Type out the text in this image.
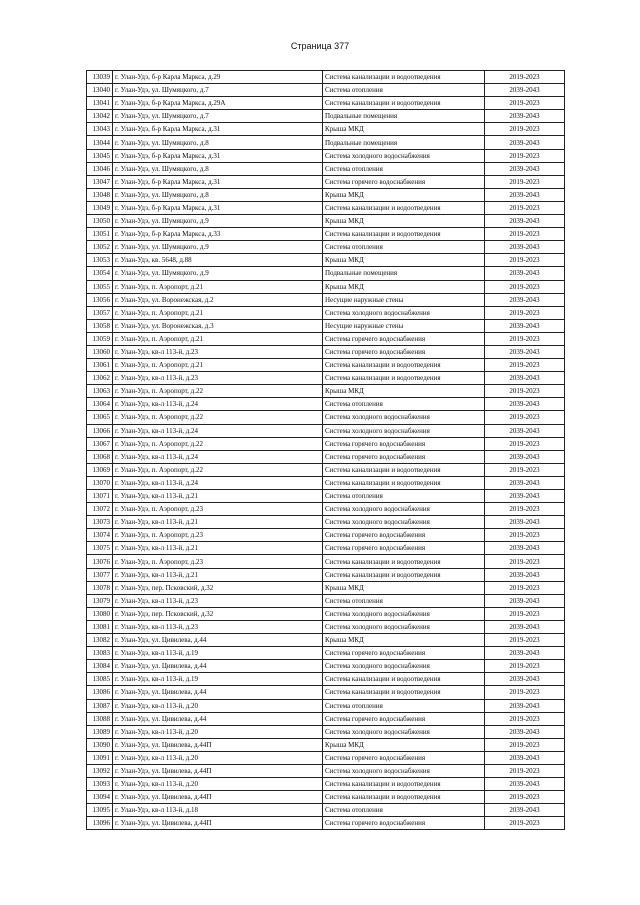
Страница 377
13039	г. Улан-Удэ, б-р Карла Маркса, д.29	Система канализации и водоотведения	2019-2023
13040	г. Улан-Удэ, ул. Шумяцкого, д.7	Система отопления	2039-2043
13041	г. Улан-Удэ, б-р Карла Маркса, д.29А	Система канализации и водоотведения	2019-2023
13042	г. Улан-Удэ, ул. Шумяцкого, д.7	Подвальные помещения	2039-2043
13043	г. Улан-Удэ, б-р Карла Маркса, д.31	Крыша МКД	2019-2023
13044	г. Улан-Удэ, ул. Шумяцкого, д.8	Подвальные помещения	2039-2043
13045	г. Улан-Удэ, б-р Карла Маркса, д.31	Система холодного водоснабжения	2019-2023
13046	г. Улан-Удэ, ул. Шумяцкого, д.8	Система отопления	2039-2043
13047	г. Улан-Удэ, б-р Карла Маркса, д.31	Система горячего водоснабжения	2019-2023
13048	г. Улан-Удэ, ул. Шумяцкого, д.8	Крыша МКД	2039-2043
13049	г. Улан-Удэ, б-р Карла Маркса, д.31	Система канализации и водоотведения	2019-2023
13050	г. Улан-Удэ, ул. Шумяцкого, д.9	Крыша МКД	2039-2043
13051	г. Улан-Удэ, б-р Карла Маркса, д.33	Система канализации и водоотведения	2019-2023
13052	г. Улан-Удэ, ул. Шумяцкого, д.9	Система отопления	2039-2043
13053	г. Улан-Удэ, кв. 5648, д.88	Крыша МКД	2019-2023
13054	г. Улан-Удэ, ул. Шумяцкого, д.9	Подвальные помещения	2039-2043
13055	г. Улан-Удэ, п. Аэропорт, д.21	Крыша МКД	2019-2023
13056	г. Улан-Удэ, ул. Воронежская, д.2	Несущие наружные стены	2039-2043
13057	г. Улан-Удэ, п. Аэропорт, д.21	Система холодного водоснабжения	2019-2023
13058	г. Улан-Удэ, ул. Воронежская, д.3	Несущие наружные стены	2039-2043
13059	г. Улан-Удэ, п. Аэропорт, д.21	Система горячего водоснабжения	2019-2023
13060	г. Улан-Удэ, кв-л 113-й, д.23	Система горячего водоснабжения	2039-2043
13061	г. Улан-Удэ, п. Аэропорт, д.21	Система канализации и водоотведения	2019-2023
13062	г. Улан-Удэ, кв-л 113-й, д.23	Система канализации и водоотведения	2039-2043
13063	г. Улан-Удэ, п. Аэропорт, д.22	Крыша МКД	2019-2023
13064	г. Улан-Удэ, кв-л 113-й, д.24	Система отопления	2039-2043
13065	г. Улан-Удэ, п. Аэропорт, д.22	Система холодного водоснабжения	2019-2023
13066	г. Улан-Удэ, кв-л 113-й, д.24	Система холодного водоснабжения	2039-2043
13067	г. Улан-Удэ, п. Аэропорт, д.22	Система горячего водоснабжения	2019-2023
13068	г. Улан-Удэ, кв-л 113-й, д.24	Система горячего водоснабжения	2039-2043
13069	г. Улан-Удэ, п. Аэропорт, д.22	Система канализации и водоотведения	2019-2023
13070	г. Улан-Удэ, кв-л 113-й, д.24	Система канализации и водоотведения	2039-2043
13071	г. Улан-Удэ, кв-л 113-й, д.21	Система отопления	2039-2043
13072	г. Улан-Удэ, п. Аэропорт, д.23	Система холодного водоснабжения	2019-2023
13073	г. Улан-Удэ, кв-л 113-й, д.21	Система холодного водоснабжения	2039-2043
13074	г. Улан-Удэ, п. Аэропорт, д.23	Система горячего водоснабжения	2019-2023
13075	г. Улан-Удэ, кв-л 113-й, д.21	Система горячего водоснабжения	2039-2043
13076	г. Улан-Удэ, п. Аэропорт, д.23	Система канализации и водоотведения	2019-2023
13077	г. Улан-Удэ, кв-л 113-й, д.21	Система канализации и водоотведения	2039-2043
13078	г. Улан-Удэ, пер. Псковский, д.32	Крыша МКД	2019-2023
13079	г. Улан-Удэ, кв-л 113-й, д.23	Система отопления	2039-2043
13080	г. Улан-Удэ, пер. Псковский, д.32	Система холодного водоснабжения	2019-2023
13081	г. Улан-Удэ, кв-л 113-й, д.23	Система холодного водоснабжения	2039-2043
13082	г. Улан-Удэ, ул. Цивилева, д.44	Крыша МКД	2019-2023
13083	г. Улан-Удэ, кв-л 113-й, д.19	Система горячего водоснабжения	2039-2043
13084	г. Улан-Удэ, ул. Цивилева, д.44	Система холодного водоснабжения	2019-2023
13085	г. Улан-Удэ, кв-л 113-й, д.19	Система канализации и водоотведения	2039-2043
13086	г. Улан-Удэ, ул. Цивилева, д.44	Система канализации и водоотведения	2019-2023
13087	г. Улан-Удэ, кв-л 113-й, д.20	Система отопления	2039-2043
13088	г. Улан-Удэ, ул. Цивилева, д.44	Система горячего водоснабжения	2019-2023
13089	г. Улан-Удэ, кв-л 113-й, д.20	Система холодного водоснабжения	2039-2043
13090	г. Улан-Удэ, ул. Цивилева, д.44П	Крыша МКД	2019-2023
13091	г. Улан-Удэ, кв-л 113-й, д.20	Система горячего водоснабжения	2039-2043
13092	г. Улан-Удэ, ул. Цивилева, д.44П	Система холодного водоснабжения	2019-2023
13093	г. Улан-Удэ, кв-л 113-й, д.20	Система канализации и водоотведения	2039-2043
13094	г. Улан-Удэ, ул. Цивилева, д.44П	Система канализации и водоотведения	2019-2023
13095	г. Улан-Удэ, кв-л 113-й, д.18	Система отопления	2039-2043
13096	г. Улан-Удэ, ул. Цивилева, д.44П	Система горячего водоснабжения	2019-2023
